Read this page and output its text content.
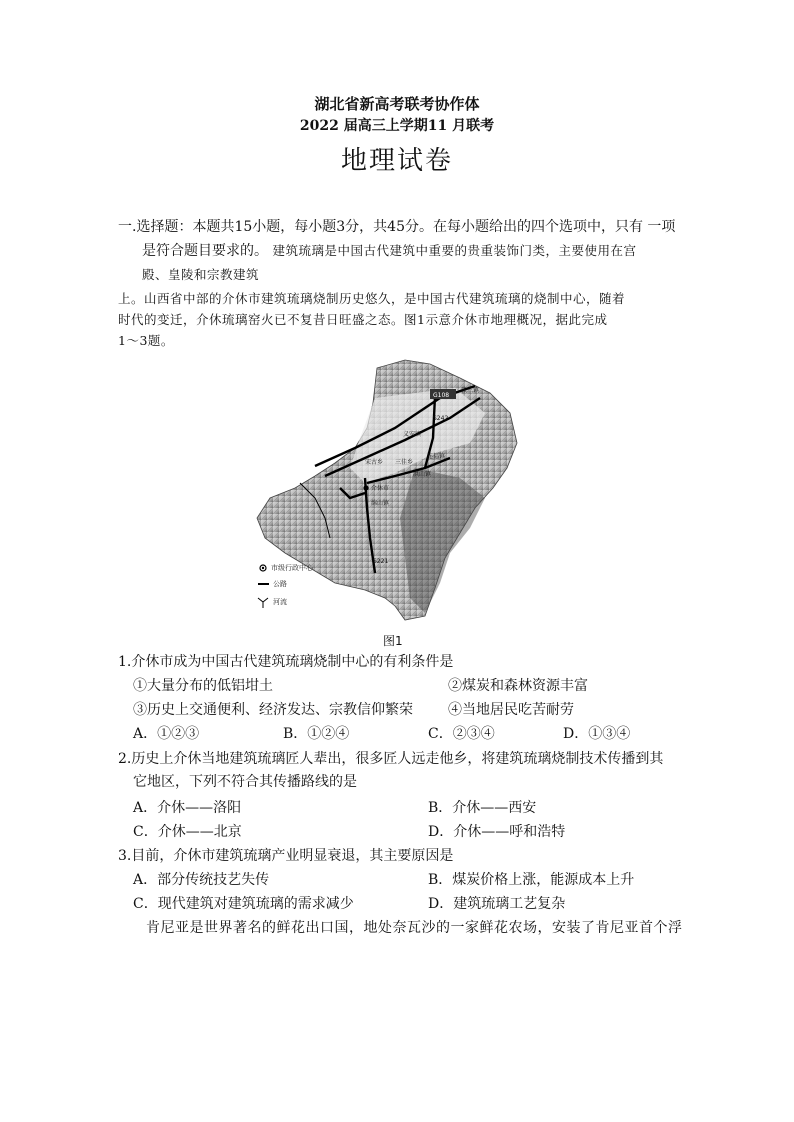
湖北省新高考联考协作体
2022 届高三上学期11 月联考
地理试卷
一.选择题：本题共15小题，每小题3分，共45分。在每小题给出的四个选项中，只有 一项
是符合题目要求的。 建筑琉璃是中国古代建筑中重要的贵重装饰门类，主要使用在宫
殿、皇陵和宗教建筑
上。山西省中部的介休市建筑琉璃烧制历史悠久，是中国古代建筑琉璃的烧制中心，随着
时代的变迁，介休琉璃窑火已不复昔日旺盛之态。图1示意介休市地理概况，据此完成
1～3题。
G108
S242
S221
张兰镇
义安镇
宋古乡
连福镇
三佳乡
洪山镇
介休市
绵山镇
市级行政中心
公路
河流
图1
1.介休市成为中国古代建筑琉璃烧制中心的有利条件是
①大量分布的低铝坩土	②煤炭和森林资源丰富
③历史上交通便利、经济发达、宗教信仰繁荣	④当地居民吃苦耐劳
A．①②③	B．①②④	C．②③④	D．①③④
2.历史上介休当地建筑琉璃匠人辈出，很多匠人远走他乡，将建筑琉璃烧制技术传播到其
它地区，下列不符合其传播路线的是
A．介休——洛阳	B．介休——西安
C．介休——北京	D．介休——呼和浩特
3.目前，介休市建筑琉璃产业明显衰退，其主要原因是
A．部分传统技艺失传	B．煤炭价格上涨，能源成本上升
C．现代建筑对建筑琉璃的需求减少	D．建筑琉璃工艺复杂
肯尼亚是世界著名的鲜花出口国，地处奈瓦沙的一家鲜花农场，安装了肯尼亚首个浮
